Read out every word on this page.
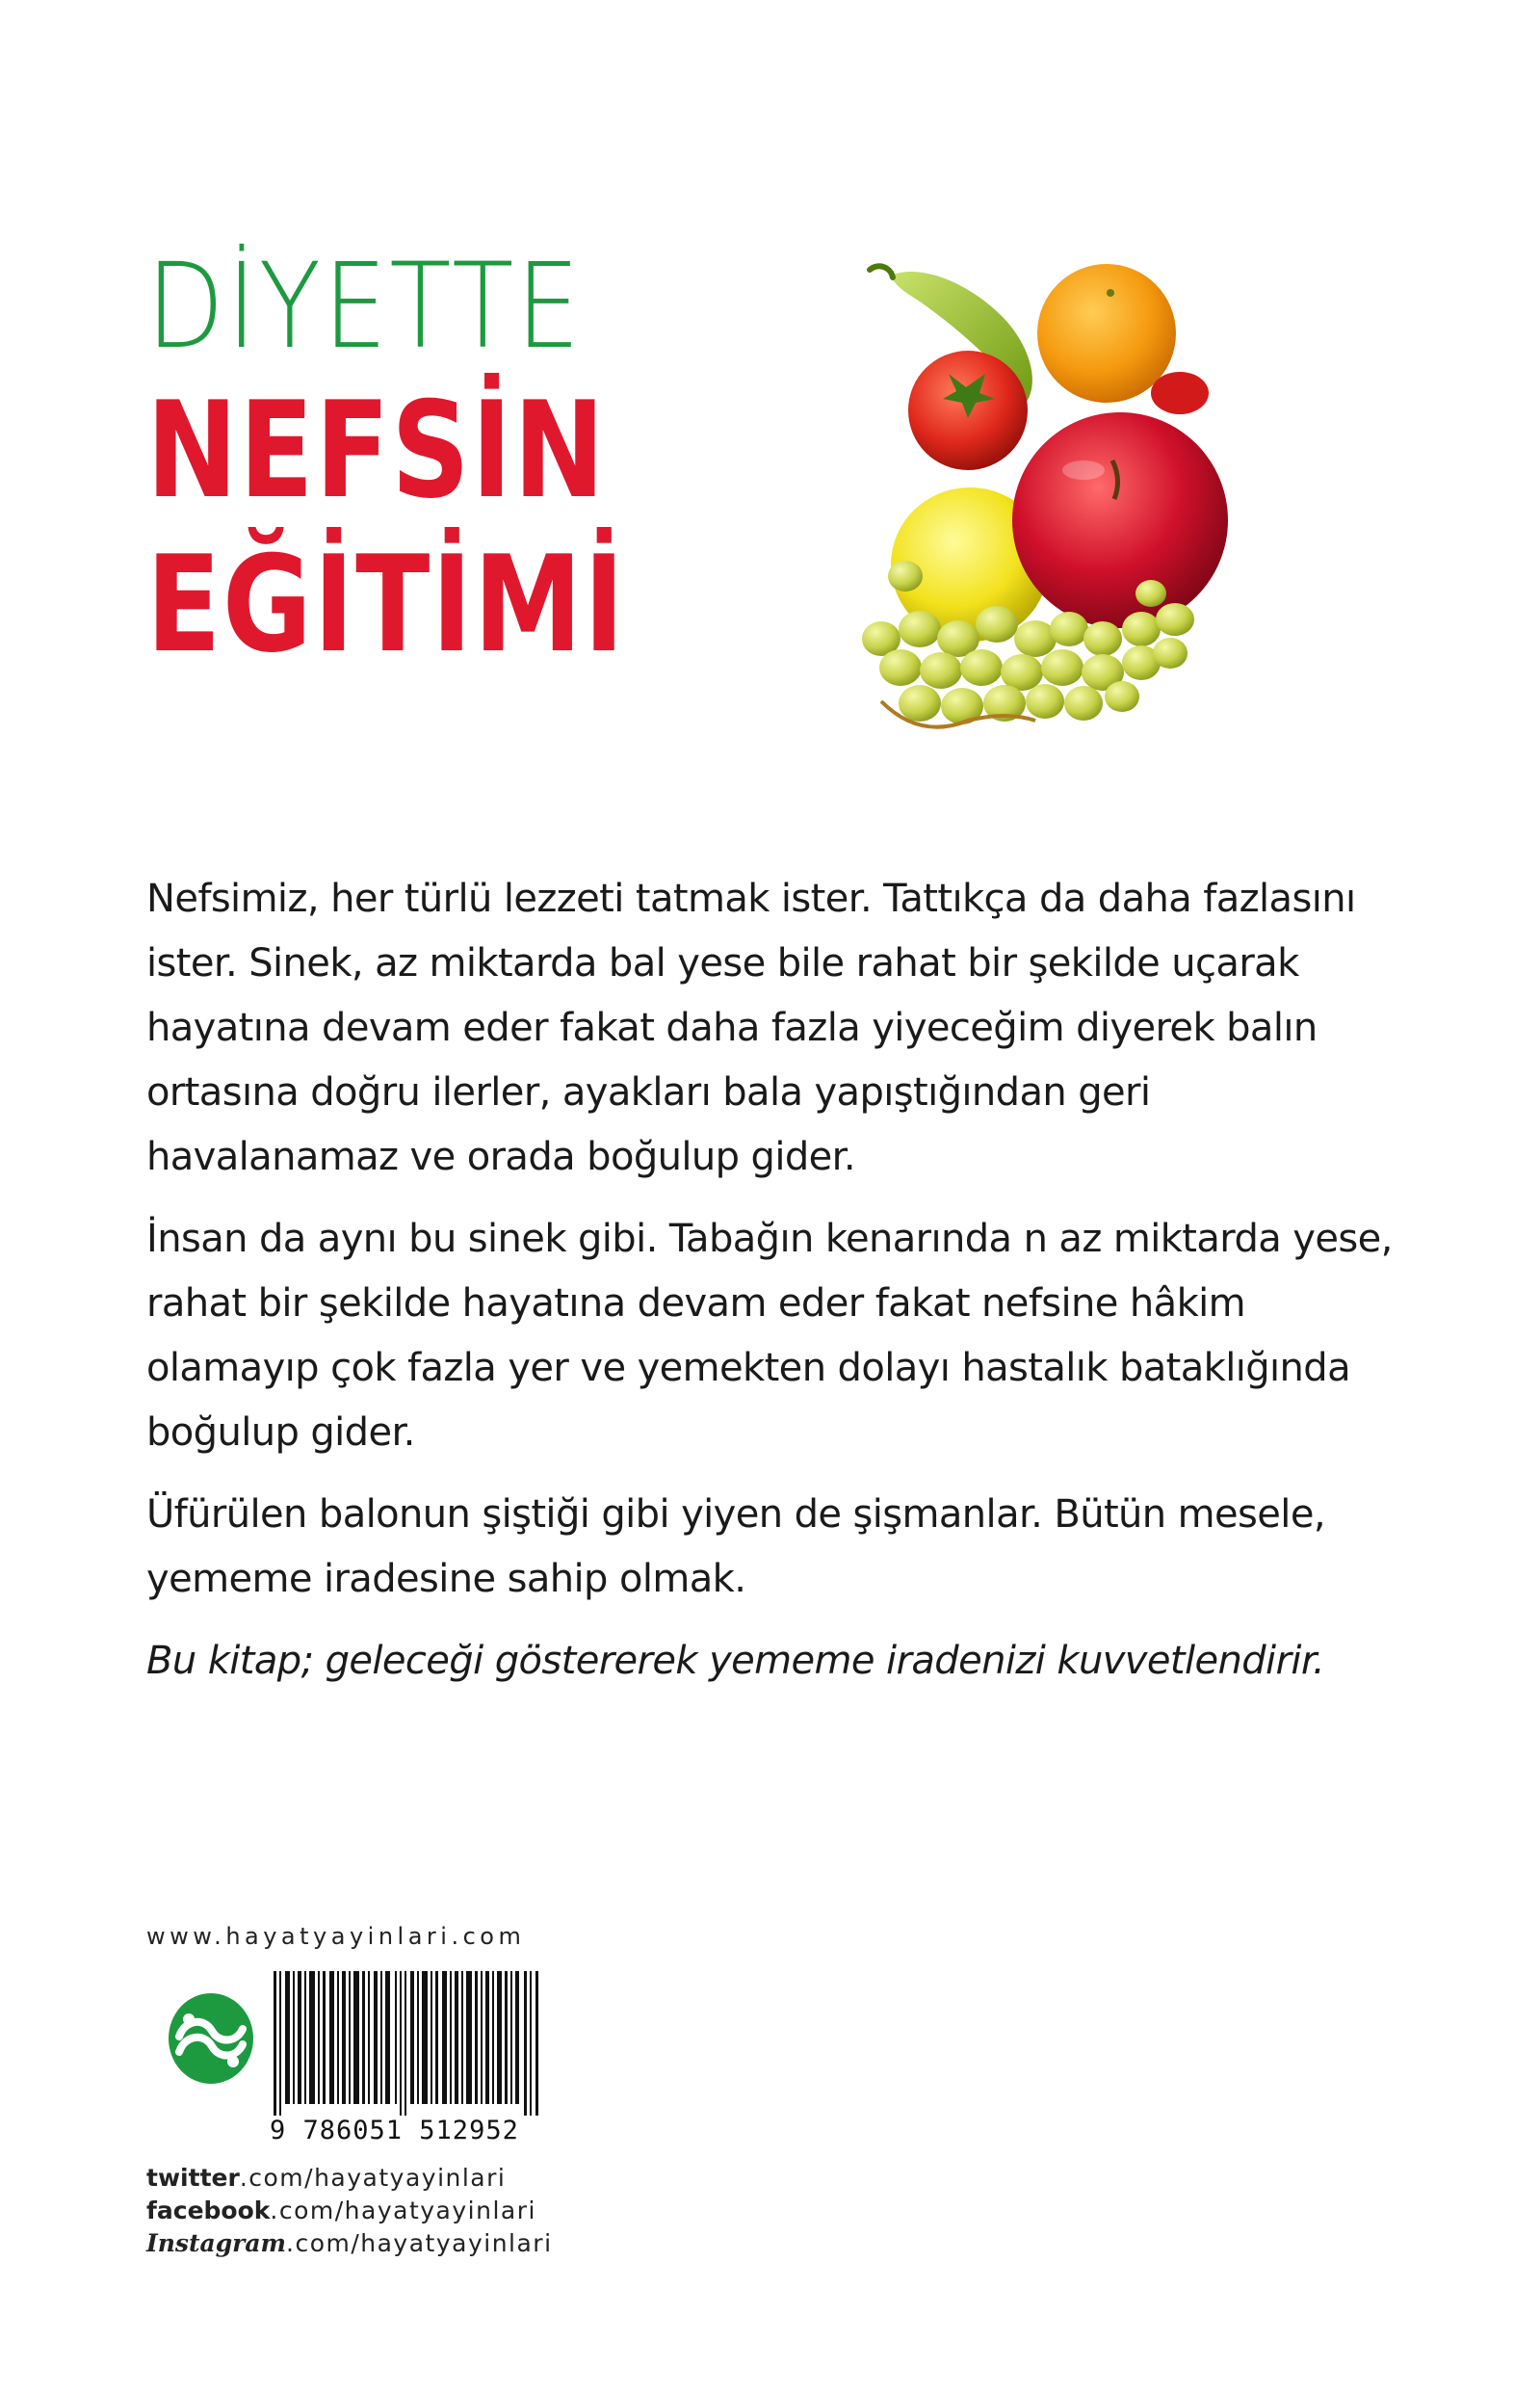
DİYETTE
NEFSİN
EĞİTİMİ

Nefsimiz, her türlü lezzeti tatmak ister. Tattıkça da daha fazlasını ister. Sinek, az miktarda bal yese bile rahat bir şekilde uçarak hayatına devam eder fakat daha fazla yiyeceğim diyerek balın ortasına doğru ilerler, ayakları bala yapıştığından geri havalanamaz ve orada boğulup gider.

İnsan da aynı bu sinek gibi. Tabağın kenarında n az miktarda yese, rahat bir şekilde hayatına devam eder fakat nefsine hâkim olamayıp çok fazla yer ve yemekten dolayı hastalık bataklığında boğulup gider.

Üfürülen balonun şiştiği gibi yiyen de şişmanlar. Bütün mesele, yememe iradesine sahip olmak.

Bu kitap; geleceği göstererek yememe iradenizi kuvvetlendirir.

www.hayatyayinlari.com
9 786051 512952
twitter.com/hayatyayinlari
facebook.com/hayatyayinlari
Instagram.com/hayatyayinlari
